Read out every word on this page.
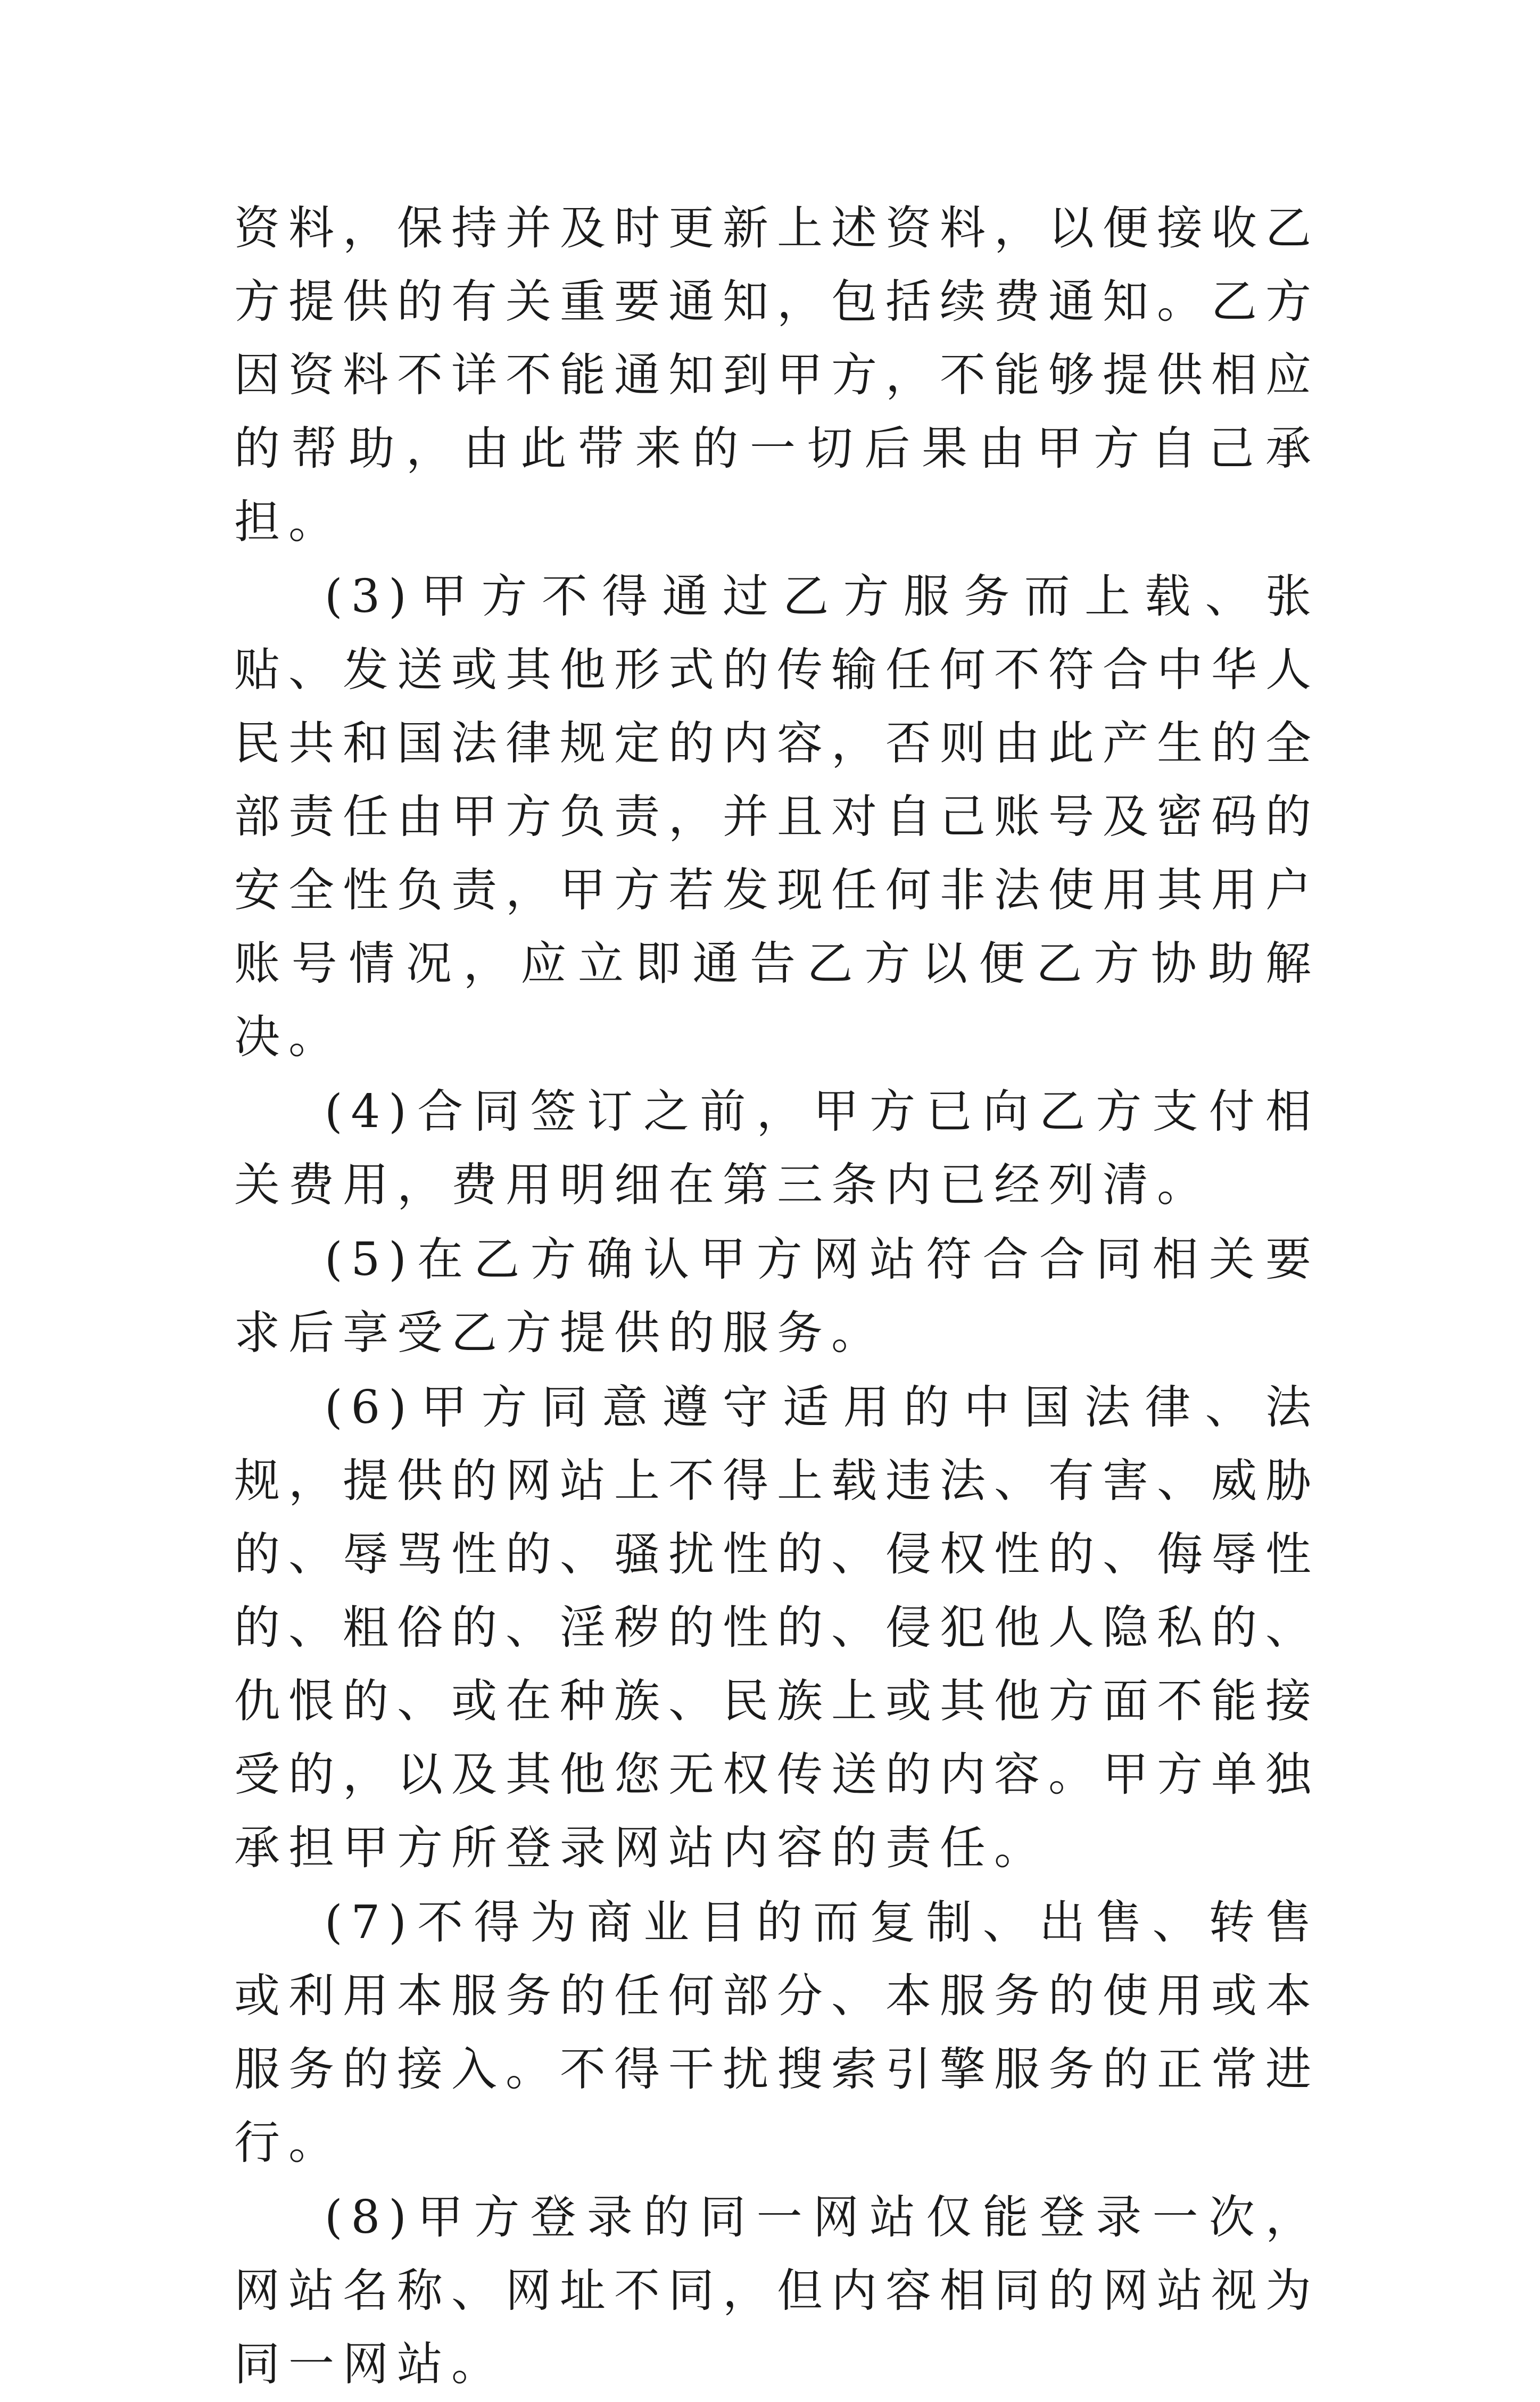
资料，保持并及时更新上述资料，以便接收乙方提供的有关重要通知，包括续费通知。乙方因资料不详不能通知到甲方，不能够提供相应的帮助，由此带来的一切后果由甲方自己承担。

(3)甲方不得通过乙方服务而上载、张贴、发送或其他形式的传输任何不符合中华人民共和国法律规定的内容，否则由此产生的全部责任由甲方负责，并且对自己账号及密码的安全性负责，甲方若发现任何非法使用其用户账号情况，应立即通告乙方以便乙方协助解决。

(4)合同签订之前，甲方已向乙方支付相关费用，费用明细在第三条内已经列清。

(5)在乙方确认甲方网站符合合同相关要求后享受乙方提供的服务。

(6)甲方同意遵守适用的中国法律、法规，提供的网站上不得上载违法、有害、威胁的、辱骂性的、骚扰性的、侵权性的、侮辱性的、粗俗的、淫秽的性的、侵犯他人隐私的、仇恨的、或在种族、民族上或其他方面不能接受的，以及其他您无权传送的内容。甲方单独承担甲方所登录网站内容的责任。

(7)不得为商业目的而复制、出售、转售或利用本服务的任何部分、本服务的使用或本服务的接入。不得干扰搜索引擎服务的正常进行。

(8)甲方登录的同一网站仅能登录一次，网站名称、网址不同，但内容相同的网站视为同一网站。
